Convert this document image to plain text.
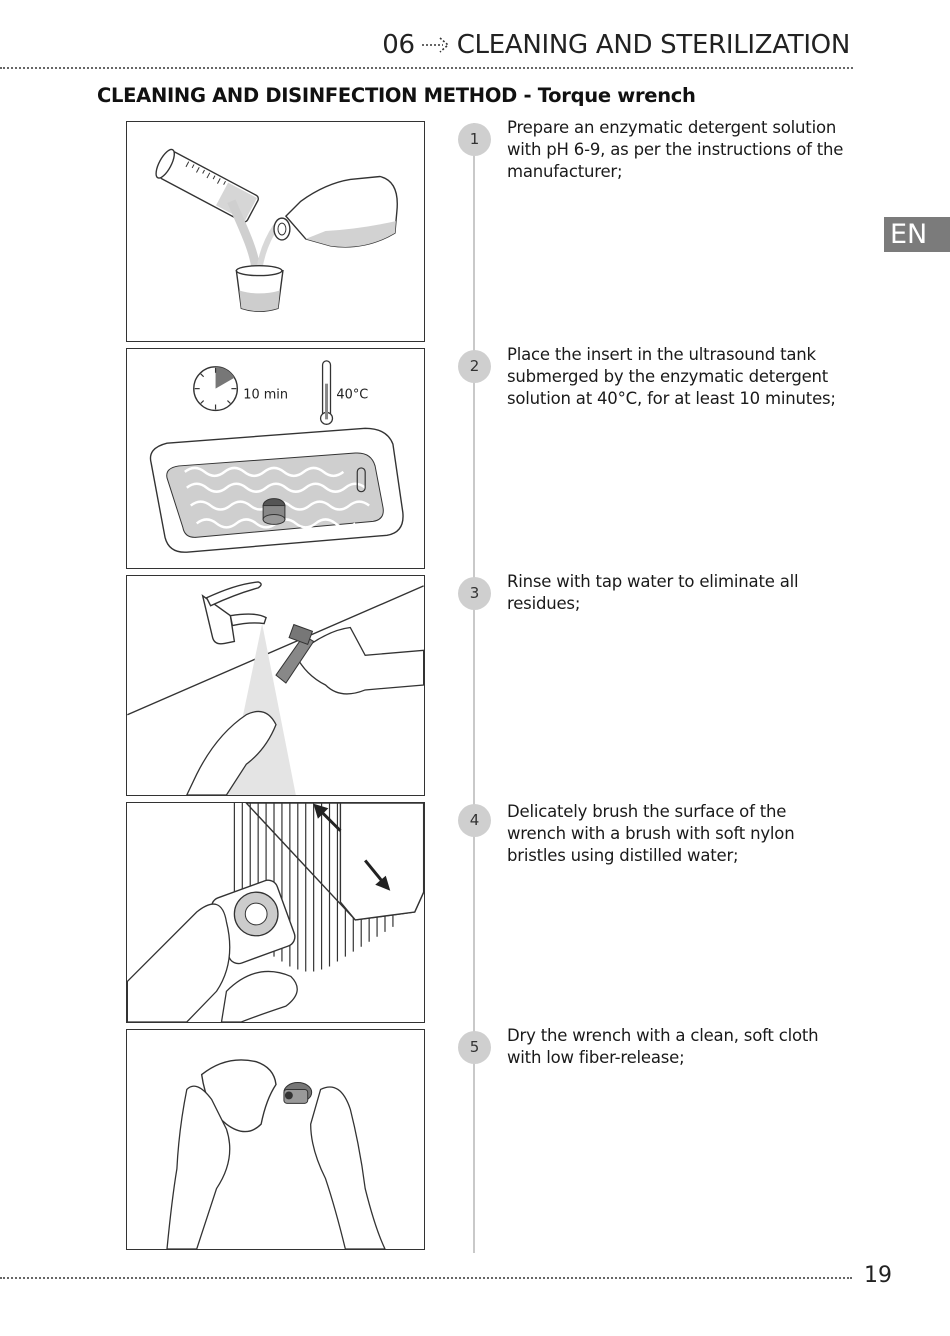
06 CLEANING AND STERILIZATION
CLEANING AND DISINFECTION METHOD - Torque wrench
EN
10 min	40°C
1
Prepare an enzymatic detergent solution with pH 6-9, as per the instructions of the manufacturer;
2
Place the insert in the ultrasound tank submerged by the enzymatic detergent solution at 40°C, for at least 10 minutes;
3
Rinse with tap water to eliminate all residues;
4	Delicately brush the surface of the wrench with a brush with soft nylon bristles using distilled water;
5
Dry the wrench with a clean, soft cloth
with low fiber-release;
19
